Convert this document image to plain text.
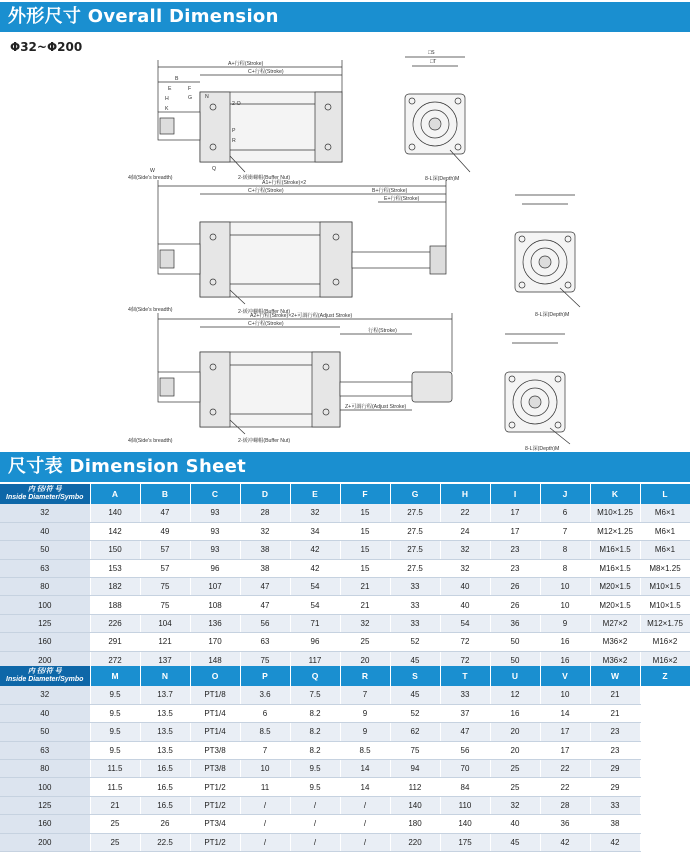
外形尺寸 Overall Dimension
Φ32~Φ200
A+行程(Stroke)
C+行程(Stroke)
2-緩衝螺帽(Buffer Nut)
4個(Side's breadth)	8-L深(Depth)M
B
E	F
N
H	G
K
2-O
P
Q
R
W
□S
□T
A1+行程(Stroke)×2
C+行程(Stroke)	B+行程(Stroke)
E+行程(Stroke)
2-緩冲螺帽(Buffer Nut)
4個(Side's breadth)
8-L深(Depth)M
A2+行程(Stroke)×2+可調行程(Adjust Stroke)
C+行程(Stroke)
行程(Stroke)
Z+可調行程(Adjust Stroke)
2-緩冲螺帽(Buffer Nut)
4個(Side's breadth)
8-L深(Depth)M
尺寸表 Dimension Sheet
内 径/符 号
Inside Diameter/Symbo	A	B	C	D	E	F	G	H	I	J	K	L
32	140	47	93	28	32	15	27.5	22	17	6	M10×1.25	M6×1
40	142	49	93	32	34	15	27.5	24	17	7	M12×1.25	M6×1
50	150	57	93	38	42	15	27.5	32	23	8	M16×1.5	M6×1
63	153	57	96	38	42	15	27.5	32	23	8	M16×1.5	M8×1.25
80	182	75	107	47	54	21	33	40	26	10	M20×1.5	M10×1.5
100	188	75	108	47	54	21	33	40	26	10	M20×1.5	M10×1.5
125	226	104	136	56	71	32	33	54	36	9	M27×2	M12×1.75
160	291	121	170	63	96	25	52	72	50	16	M36×2	M16×2
200	272	137	148	75	117	20	45	72	50	16	M36×2	M16×2
内 径/符 号
Inside Diameter/Symbo	M	N	O	P	Q	R	S	T	U	V	W	Z
32	9.5	13.7	PT1/8	3.6	7.5	7	45	33	12	10	21	
40	9.5	13.5	PT1/4	6	8.2	9	52	37	16	14	21	
50	9.5	13.5	PT1/4	8.5	8.2	9	62	47	20	17	23	
63	9.5	13.5	PT3/8	7	8.2	8.5	75	56	20	17	23	
80	11.5	16.5	PT3/8	10	9.5	14	94	70	25	22	29	
100	11.5	16.5	PT1/2	11	9.5	14	112	84	25	22	29	
125	21	16.5	PT1/2	/	/	/	140	110	32	28	33	
160	25	26	PT3/4	/	/	/	180	140	40	36	38	
200	25	22.5	PT1/2	/	/	/	220	175	45	42	42	
